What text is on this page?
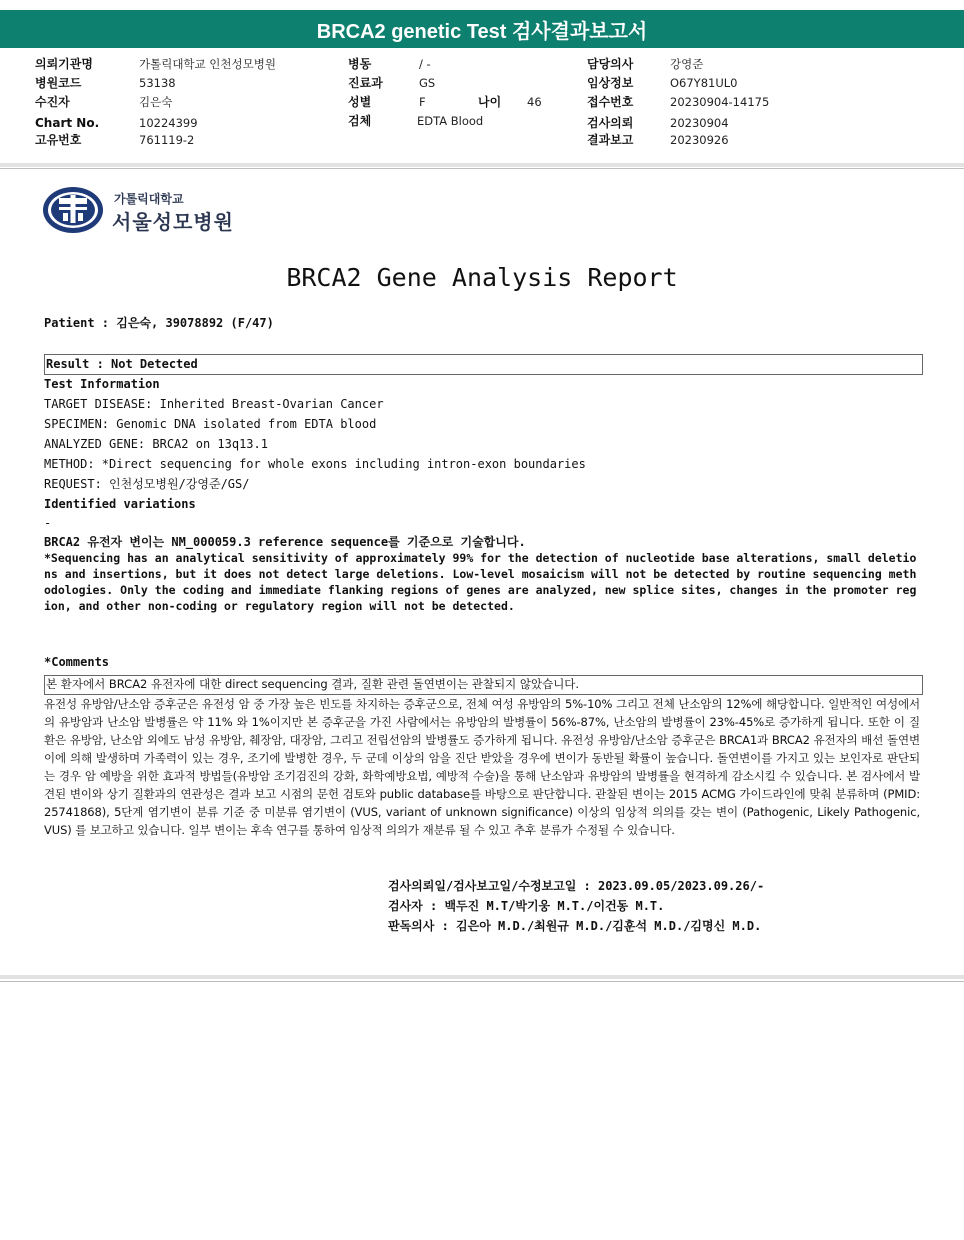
BRCA2 genetic Test 검사결과보고서
의뢰기관명	가톨릭대학교 인천성모병원
병원코드	53138
수진자	김은숙
Chart No.	10224399
고유번호	761119-2
병동	/ -
진료과	GS
성별	F	나이 46
검체	EDTA Blood
담당의사	강영준
임상정보	O67Y81UL0
접수번호	20230904-14175
검사의뢰	20230904
결과보고	20230926
가톨릭대학교
서울성모병원
BRCA2 Gene Analysis Report
Patient : 김은숙, 39078892 (F/47)
Result : Not Detected
Test Information
TARGET DISEASE: Inherited Breast-Ovarian Cancer
SPECIMEN: Genomic DNA isolated from EDTA blood
ANALYZED GENE: BRCA2 on 13q13.1
METHOD: *Direct sequencing for whole exons including intron-exon boundaries
REQUEST: 인천성모병원/강영준/GS/
Identified variations
-
BRCA2 유전자 변이는 NM_000059.3 reference sequence를 기준으로 기술합니다.
*Sequencing has an analytical sensitivity of approximately 99% for the detection of nucleotide base alterations, small deletions and insertions, but it does not detect large deletions. Low-level mosaicism will not be detected by routine sequencing methodologies. Only the coding and immediate flanking regions of genes are analyzed, new splice sites, changes in the promoter region, and other non-coding or regulatory region will not be detected.
*Comments
본 환자에서 BRCA2 유전자에 대한 direct sequencing 결과, 질환 관련 돌연변이는 관찰되지 않았습니다.
유전성 유방암/난소암 증후군은 유전성 암 중 가장 높은 빈도를 차지하는 증후군으로, 전체 여성 유방암의 5%-10% 그리고 전체 난소암의 12%에 해당합니다. 일반적인 여성에서의 유방암과 난소암 발병률은 약 11% 와 1%이지만 본 증후군을 가진 사람에서는 유방암의 발병률이 56%-87%, 난소암의 발병률이 23%-45%로 증가하게 됩니다. 또한 이 질환은 유방암, 난소암 외에도 남성 유방암, 췌장암, 대장암, 그리고 전립선암의 발병률도 증가하게 됩니다. 유전성 유방암/난소암 증후군은 BRCA1과 BRCA2 유전자의 배선 돌연변이에 의해 발생하며 가족력이 있는 경우, 조기에 발병한 경우, 두 군데 이상의 암을 진단 받았을 경우에 변이가 동반될 확률이 높습니다. 돌연변이를 가지고 있는 보인자로 판단되는 경우 암 예방을 위한 효과적 방법들(유방암 조기검진의 강화, 화학예방요법, 예방적 수술)을 통해 난소암과 유방암의 발병률을 현격하게 감소시킬 수 있습니다. 본 검사에서 발견된 변이와 상기 질환과의 연관성은 결과 보고 시점의 문헌 검토와 public database를 바탕으로 판단합니다. 관찰된 변이는 2015 ACMG 가이드라인에 맞춰 분류하며 (PMID: 25741868), 5단계 염기변이 분류 기준 중 미분류 염기변이 (VUS, variant of unknown significance) 이상의 임상적 의의를 갖는 변이 (Pathogenic, Likely Pathogenic, VUS) 를 보고하고 있습니다. 일부 변이는 후속 연구를 통하여 임상적 의의가 재분류 될 수 있고 추후 분류가 수정될 수 있습니다.
검사의뢰일/검사보고일/수정보고일 : 2023.09.05/2023.09.26/-
검사자 : 백두진 M.T/박기웅 M.T./이건동 M.T.
판독의사 : 김은아 M.D./최원규 M.D./김훈석 M.D./김명신 M.D.
